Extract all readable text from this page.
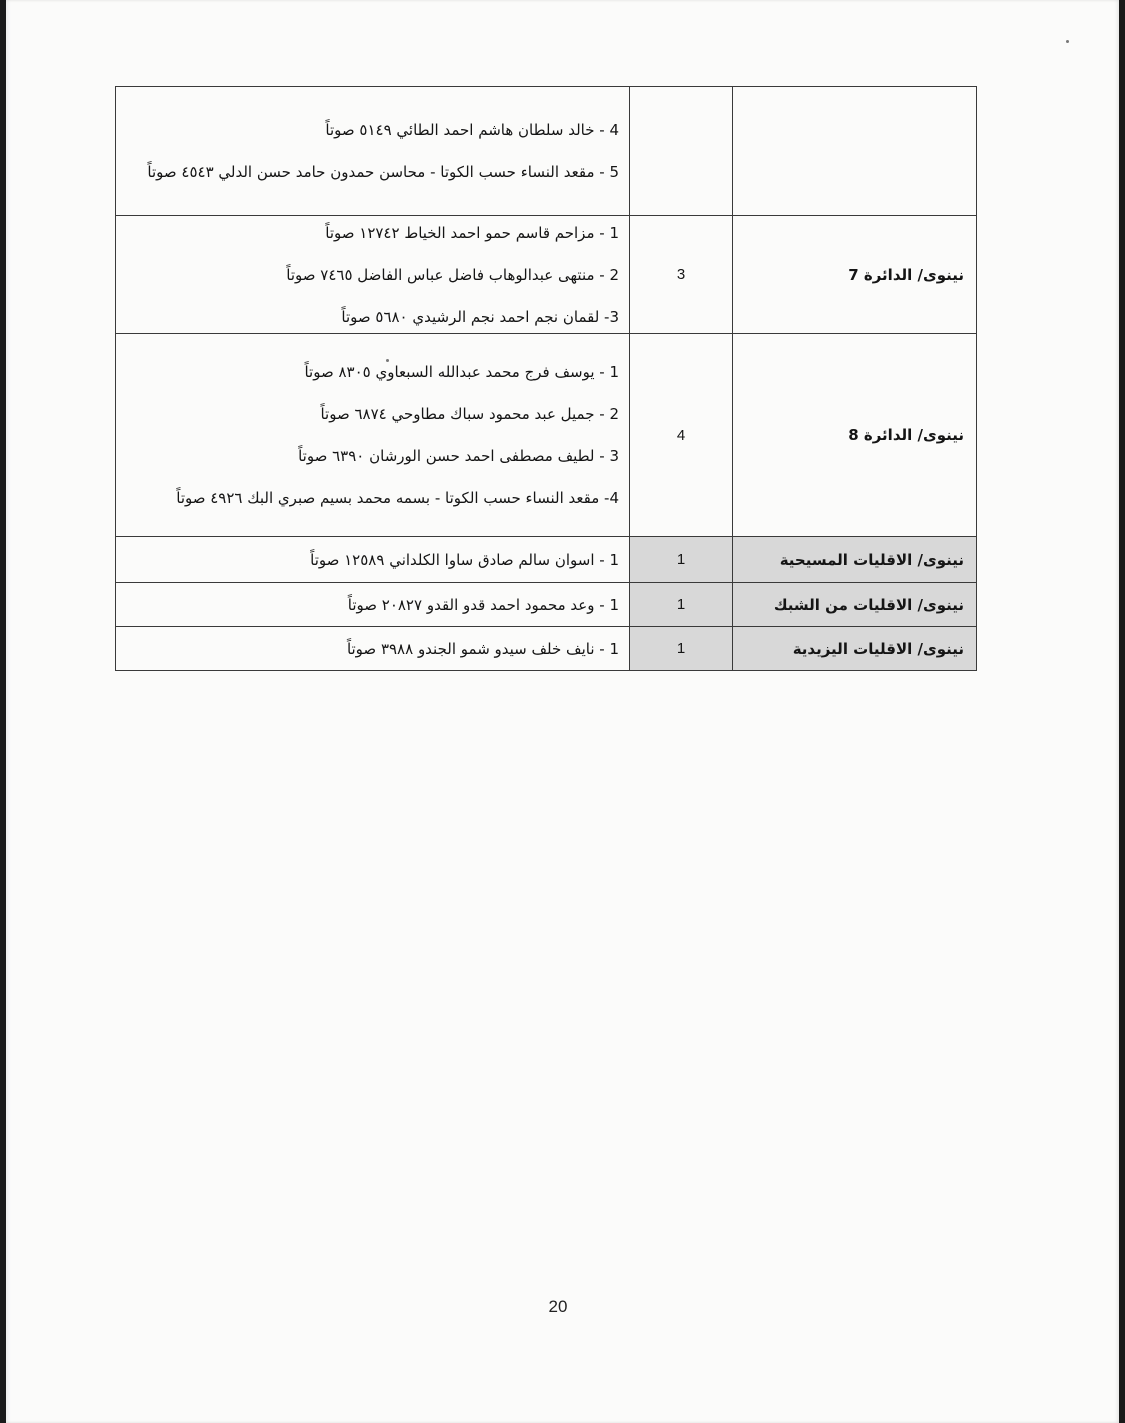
		4 - خالد سلطان هاشم احمد الطائي ٥١٤٩ صوتاً

5 - مقعد النساء حسب الكوتا - محاسن حمدون حامد حسن الدلي ٤٥٤٣ صوتاً

نينوى/ الدائرة 7	3	1 - مزاحم قاسم حمو احمد الخياط ١٢٧٤٢ صوتاً

2 - منتهى عبدالوهاب فاضل عباس الفاضل ٧٤٦٥ صوتاً

3- لقمان نجم احمد نجم الرشيدي ٥٦٨٠ صوتاً

نينوى/ الدائرة 8	4	1 - يوسف فرج محمد عبدالله السبعاوي ٨٣٠٥ صوتاً

2 - جميل عبد محمود سباك مطاوحي ٦٨٧٤ صوتاً

3 - لطيف مصطفى احمد حسن الورشان ٦٣٩٠ صوتاً

4- مقعد النساء حسب الكوتا - بسمه محمد بسيم صبري البك ٤٩٢٦ صوتاً

نينوى/ الاقليات المسيحية	1	1 - اسوان سالم صادق ساوا الكلداني ١٢٥٨٩ صوتاً

نينوى/ الاقليات من الشبك	1	1 - وعد محمود احمد قدو القدو ٢٠٨٢٧ صوتاً

نينوى/ الاقليات اليزيدية	1	1 - نايف خلف سيدو شمو الجندو ٣٩٨٨ صوتاً

20
